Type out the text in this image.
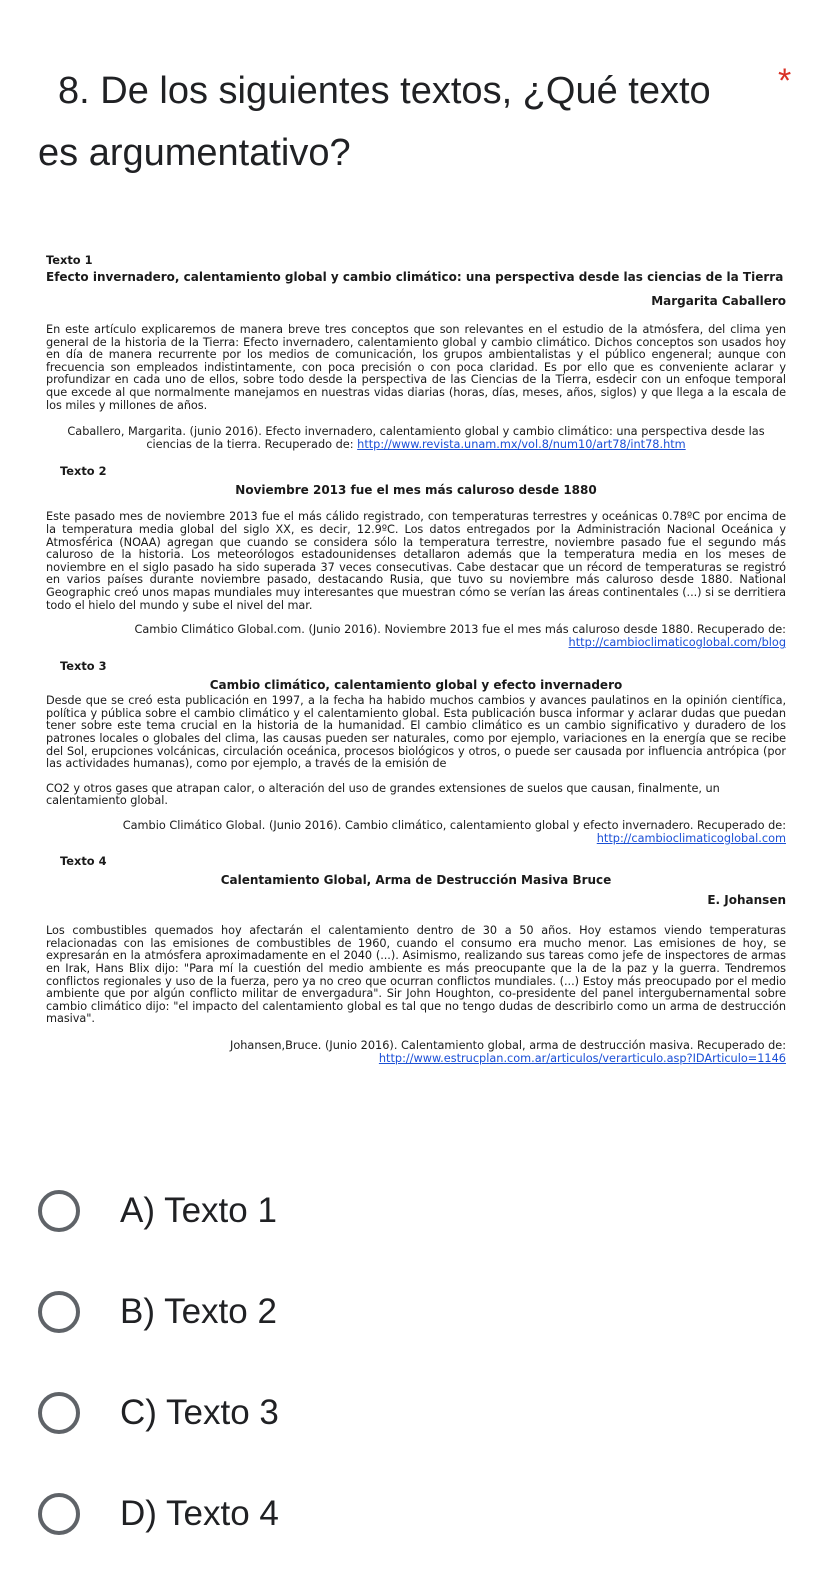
8. De los siguientes textos, ¿Qué texto
es argumentativo?
*

Texto 1

Efecto invernadero, calentamiento global y cambio climático: una perspectiva desde las ciencias de la Tierra

Margarita Caballero

En este artículo explicaremos de manera breve tres conceptos que son relevantes en el estudio de la atmósfera, del clima yen general de la historia de la Tierra: Efecto invernadero, calentamiento global y cambio climático. Dichos conceptos son usados hoy en día de manera recurrente por los medios de comunicación, los grupos ambientalistas y el público engeneral; aunque con frecuencia son empleados indistintamente, con poca precisión o con poca claridad. Es por ello que es conveniente aclarar y profundizar en cada uno de ellos, sobre todo desde la perspectiva de las Ciencias de la Tierra, esdecir con un enfoque temporal que excede al que normalmente manejamos en nuestras vidas diarias (horas, días, meses, años, siglos) y que llega a la escala de los miles y millones de años.

Caballero, Margarita. (junio 2016). Efecto invernadero, calentamiento global y cambio climático: una perspectiva desde las ciencias de la tierra. Recuperado de: http://www.revista.unam.mx/vol.8/num10/art78/int78.htm

Texto 2

Noviembre 2013 fue el mes más caluroso desde 1880

Este pasado mes de noviembre 2013 fue el más cálido registrado, con temperaturas terrestres y oceánicas 0.78ºC por encima de la temperatura media global del siglo XX, es decir, 12.9ºC. Los datos entregados por la Administración Nacional Oceánica y Atmosférica (NOAA) agregan que cuando se considera sólo la temperatura terrestre, noviembre pasado fue el segundo más caluroso de la historia. Los meteorólogos estadounidenses detallaron además que la temperatura media en los meses de noviembre en el siglo pasado ha sido superada 37 veces consecutivas. Cabe destacar que un récord de temperaturas se registró en varios países durante noviembre pasado, destacando Rusia, que tuvo su noviembre más caluroso desde 1880. National Geographic creó unos mapas mundiales muy interesantes que muestran cómo se verían las áreas continentales (...) si se derritiera todo el hielo del mundo y sube el nivel del mar.

Cambio Climático Global.com. (Junio 2016). Noviembre 2013 fue el mes más caluroso desde 1880. Recuperado de:
http://cambioclimaticoglobal.com/blog

Texto 3

Cambio climático, calentamiento global y efecto invernadero

Desde que se creó esta publicación en 1997, a la fecha ha habido muchos cambios y avances paulatinos en la opinión científica, política y pública sobre el cambio climático y el calentamiento global. Esta publicación busca informar y aclarar dudas que puedan tener sobre este tema crucial en la historia de la humanidad. El cambio climático es un cambio significativo y duradero de los patrones locales o globales del clima, las causas pueden ser naturales, como por ejemplo, variaciones en la energía que se recibe del Sol, erupciones volcánicas, circulación oceánica, procesos biológicos y otros, o puede ser causada por influencia antrópica (por las actividades humanas), como por ejemplo, a través de la emisión de

CO2 y otros gases que atrapan calor, o alteración del uso de grandes extensiones de suelos que causan, finalmente, un calentamiento global.

Cambio Climático Global. (Junio 2016). Cambio climático, calentamiento global y efecto invernadero. Recuperado de:
http://cambioclimaticoglobal.com

Texto 4

Calentamiento Global, Arma de Destrucción Masiva Bruce

E. Johansen

Los combustibles quemados hoy afectarán el calentamiento dentro de 30 a 50 años. Hoy estamos viendo temperaturas relacionadas con las emisiones de combustibles de 1960, cuando el consumo era mucho menor. Las emisiones de hoy, se expresarán en la atmósfera aproximadamente en el 2040 (...). Asimismo, realizando sus tareas como jefe de inspectores de armas en Irak, Hans Blix dijo: "Para mí la cuestión del medio ambiente es más preocupante que la de la paz y la guerra. Tendremos conflictos regionales y uso de la fuerza, pero ya no creo que ocurran conflictos mundiales. (...) Estoy más preocupado por el medio ambiente que por algún conflicto militar de envergadura". Sir John Houghton, co-presidente del panel intergubernamental sobre cambio climático dijo: "el impacto del calentamiento global es tal que no tengo dudas de describirlo como un arma de destrucción masiva".

Johansen,Bruce. (Junio 2016). Calentamiento global, arma de destrucción masiva. Recuperado de:
http://www.estrucplan.com.ar/articulos/verarticulo.asp?IDArticulo=1146

A) Texto 1
B) Texto 2
C) Texto 3
D) Texto 4
